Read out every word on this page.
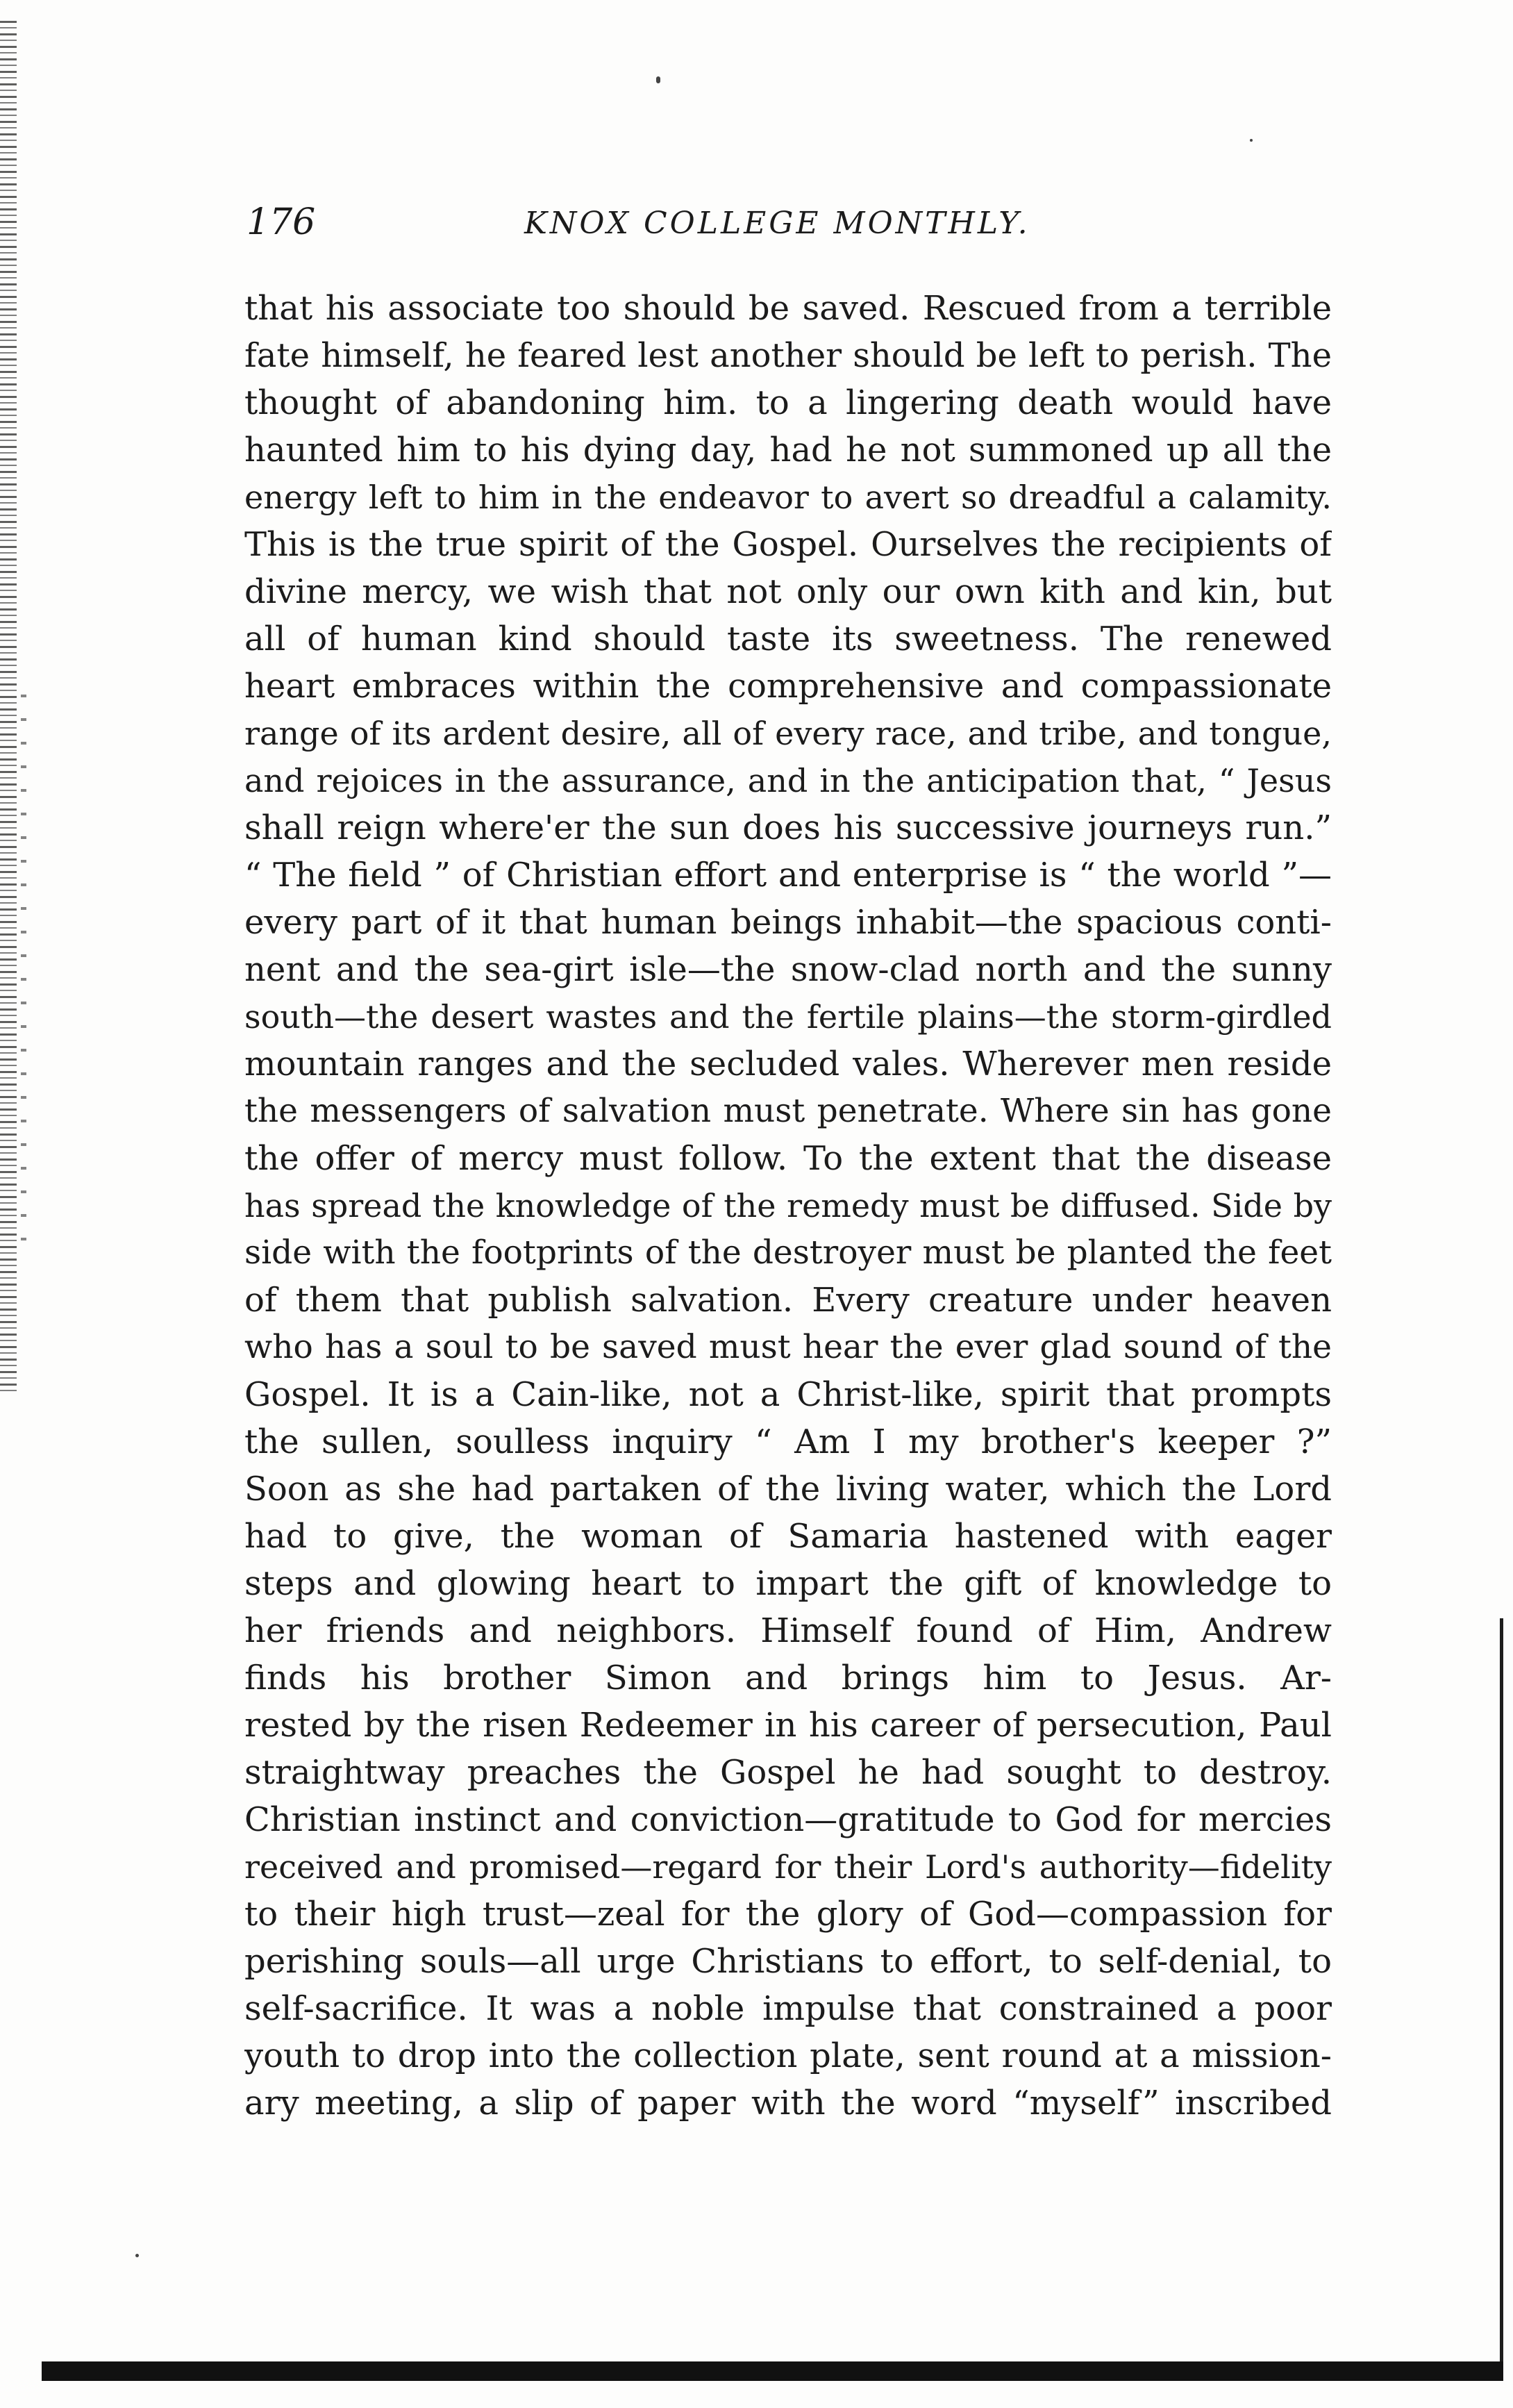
176	KNOX COLLEGE MONTHLY.
that his associate too should be saved. Rescued from a terrible
fate himself, he feared lest another should be left to perish. The
thought of abandoning him. to a lingering death would have
haunted him to his dying day, had he not summoned up all the
energy left to him in the endeavor to avert so dreadful a calamity.
This is the true spirit of the Gospel. Ourselves the recipients of
divine mercy, we wish that not only our own kith and kin, but
all of human kind should taste its sweetness. The renewed
heart embraces within the comprehensive and compassionate
range of its ardent desire, all of every race, and tribe, and tongue,
and rejoices in the assurance, and in the anticipation that, “ Jesus
shall reign where'er the sun does his successive journeys run.”
“ The field ” of Christian effort and enterprise is “ the world ”—
every part of it that human beings inhabit—the spacious conti-
nent and the sea-girt isle—the snow-clad north and the sunny
south—the desert wastes and the fertile plains—the storm-girdled
mountain ranges and the secluded vales. Wherever men reside
the messengers of salvation must penetrate. Where sin has gone
the offer of mercy must follow. To the extent that the disease
has spread the knowledge of the remedy must be diffused. Side by
side with the footprints of the destroyer must be planted the feet
of them that publish salvation. Every creature under heaven
who has a soul to be saved must hear the ever glad sound of the
Gospel. It is a Cain-like, not a Christ-like, spirit that prompts
the sullen, soulless inquiry “ Am I my brother's keeper ?”
Soon as she had partaken of the living water, which the Lord
had to give, the woman of Samaria hastened with eager
steps and glowing heart to impart the gift of knowledge to
her friends and neighbors. Himself found of Him, Andrew
finds his brother Simon and brings him to Jesus. Ar-
rested by the risen Redeemer in his career of persecution, Paul
straightway preaches the Gospel he had sought to destroy.
Christian instinct and conviction—gratitude to God for mercies
received and promised—regard for their Lord's authority—fidelity
to their high trust—zeal for the glory of God—compassion for
perishing souls—all urge Christians to effort, to self-denial, to
self-sacrifice. It was a noble impulse that constrained a poor
youth to drop into the collection plate, sent round at a mission-
ary meeting, a slip of paper with the word “myself” inscribed
